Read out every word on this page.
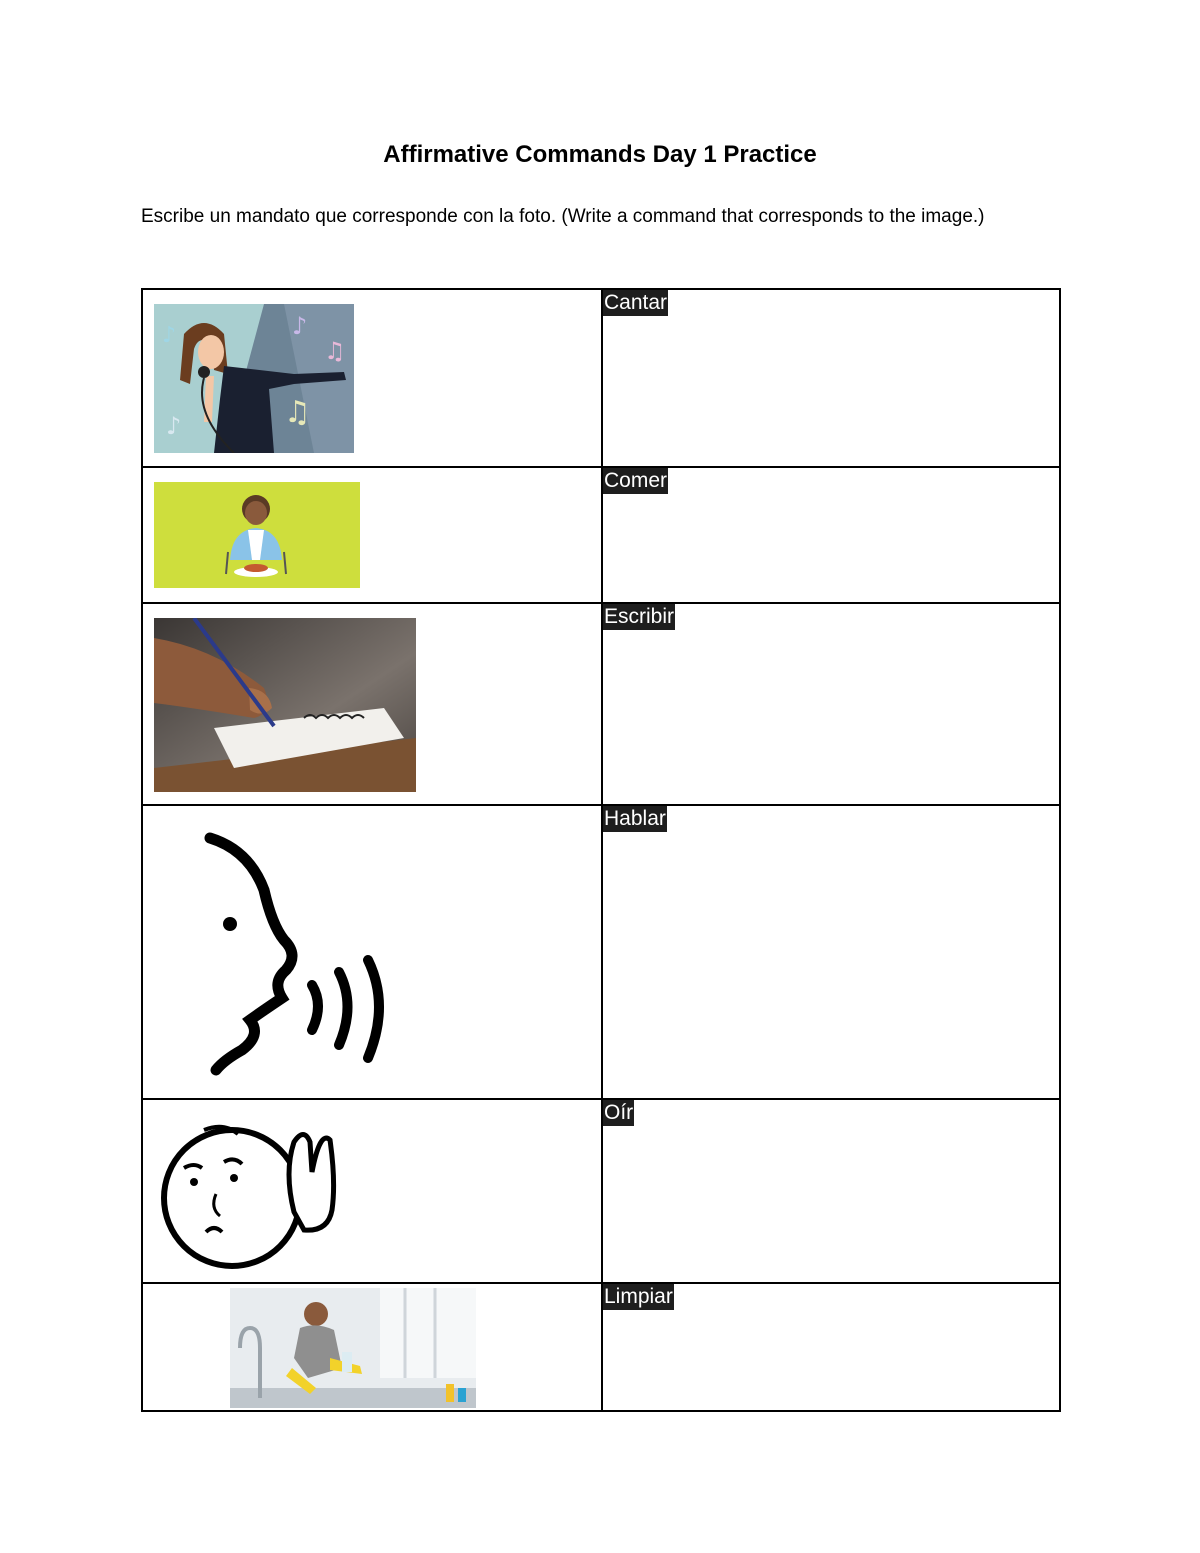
Affirmative Commands Day 1 Practice

Escribe un mandato que corresponde con la foto. (Write a command that corresponds to the image.)

♪ ♪
♫
♫
♪	Cantar

	Comer

	Escribir

	Hablar

	Oír

	Limpiar
